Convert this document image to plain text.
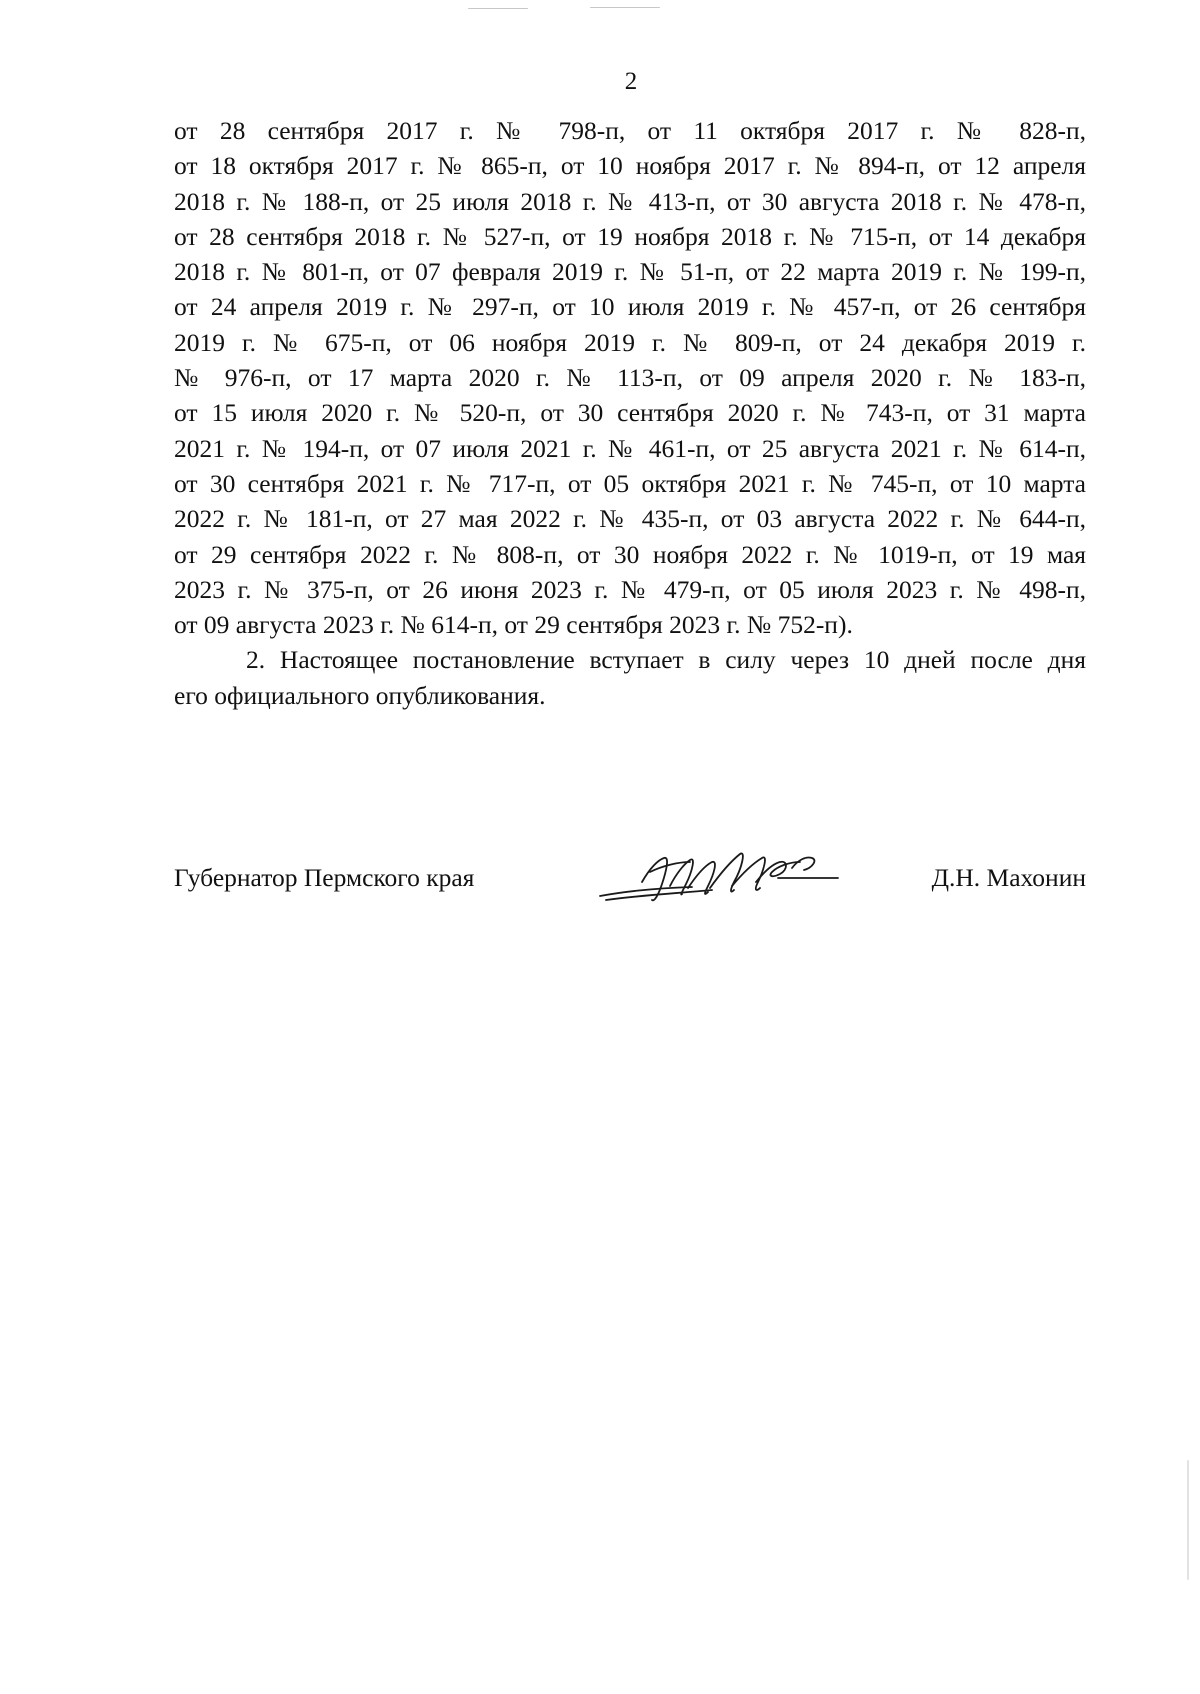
2
от 28 сентября 2017 г. № 798-п, от 11 октября 2017 г. № 828-п,
от 18 октября 2017 г. № 865-п, от 10 ноября 2017 г. № 894-п, от 12 апреля
2018 г. № 188-п, от 25 июля 2018 г. № 413-п, от 30 августа 2018 г. № 478-п,
от 28 сентября 2018 г. № 527-п, от 19 ноября 2018 г. № 715-п, от 14 декабря
2018 г. № 801-п, от 07 февраля 2019 г. № 51-п, от 22 марта 2019 г. № 199-п,
от 24 апреля 2019 г. № 297-п, от 10 июля 2019 г. № 457-п, от 26 сентября
2019 г. № 675-п, от 06 ноября 2019 г. № 809-п, от 24 декабря 2019 г.
№ 976-п, от 17 марта 2020 г. № 113-п, от 09 апреля 2020 г. № 183-п,
от 15 июля 2020 г. № 520-п, от 30 сентября 2020 г. № 743-п, от 31 марта
2021 г. № 194-п, от 07 июля 2021 г. № 461-п, от 25 августа 2021 г. № 614-п,
от 30 сентября 2021 г. № 717-п, от 05 октября 2021 г. № 745-п, от 10 марта
2022 г. № 181-п, от 27 мая 2022 г. № 435-п, от 03 августа 2022 г. № 644-п,
от 29 сентября 2022 г. № 808-п, от 30 ноября 2022 г. № 1019-п, от 19 мая
2023 г. № 375-п, от 26 июня 2023 г. № 479-п, от 05 июля 2023 г. № 498-п,
от 09 августа 2023 г. № 614-п, от 29 сентября 2023 г. № 752-п).
2. Настоящее постановление вступает в силу через 10 дней после дня
его официального опубликования.
Губернатор Пермского края	Д.Н. Махонин
